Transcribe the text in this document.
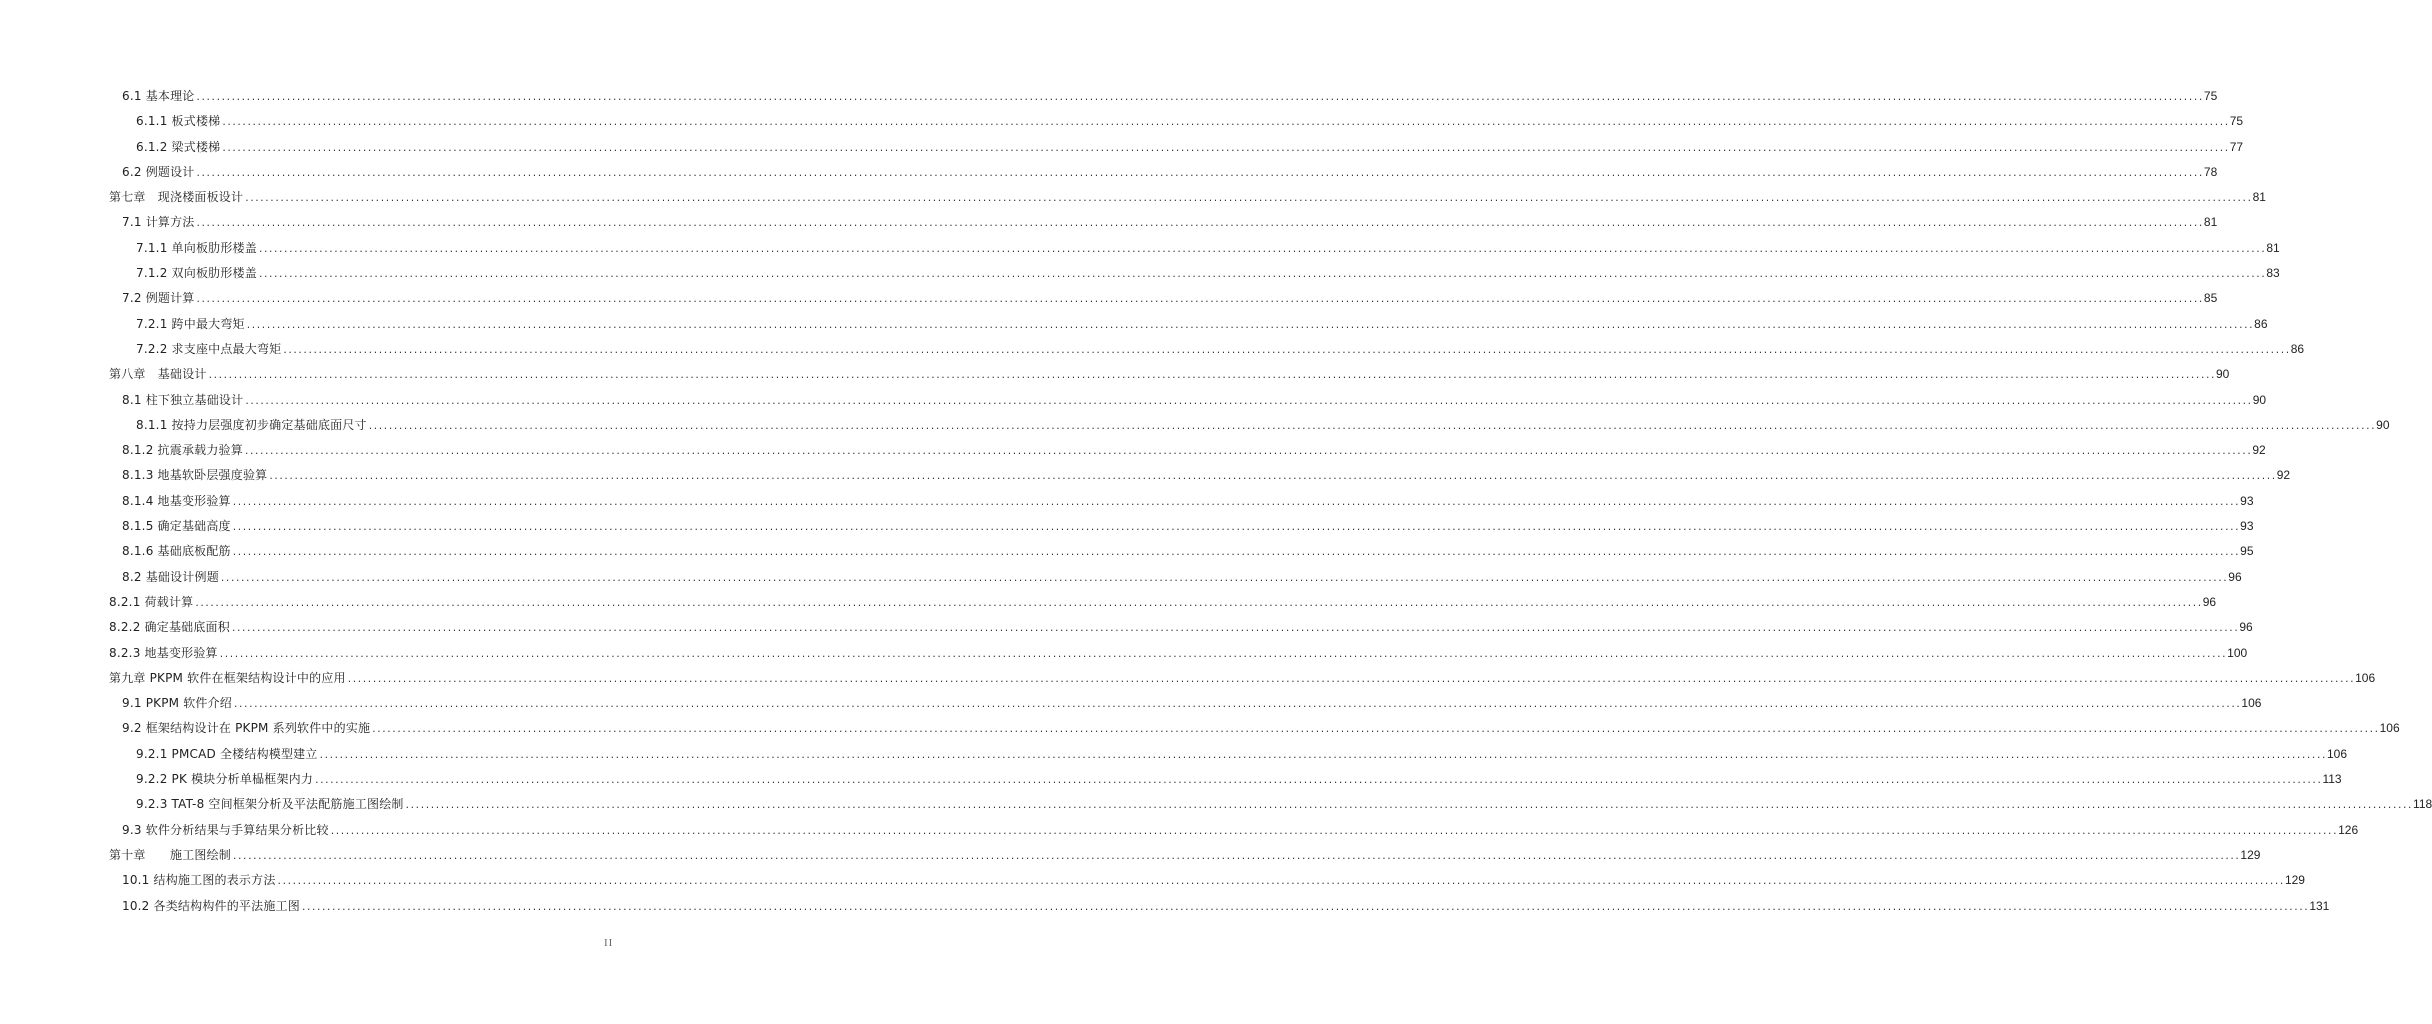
6.1 基本理论 ................................................................................................................................................................................................................................................................................................................................................................................................................ 75
6.1.1 板式楼梯 ................................................................................................................................................................................................................................................................................................................................................................................................................ 75
6.1.2 梁式楼梯 ................................................................................................................................................................................................................................................................................................................................................................................................................ 77
6.2 例题设计 ................................................................................................................................................................................................................................................................................................................................................................................................................ 78
第七章　现浇楼面板设计 ................................................................................................................................................................................................................................................................................................................................................................................................................ 81
7.1 计算方法 ................................................................................................................................................................................................................................................................................................................................................................................................................ 81
7.1.1 单向板肋形楼盖 ................................................................................................................................................................................................................................................................................................................................................................................................................ 81
7.1.2 双向板肋形楼盖 ................................................................................................................................................................................................................................................................................................................................................................................................................ 83
7.2 例题计算 ................................................................................................................................................................................................................................................................................................................................................................................................................ 85
7.2.1 跨中最大弯矩 ................................................................................................................................................................................................................................................................................................................................................................................................................ 86
7.2.2 求支座中点最大弯矩 ................................................................................................................................................................................................................................................................................................................................................................................................................ 86
第八章　基础设计 ................................................................................................................................................................................................................................................................................................................................................................................................................ 90
8.1 柱下独立基础设计 ................................................................................................................................................................................................................................................................................................................................................................................................................ 90
8.1.1 按持力层强度初步确定基础底面尺寸 ................................................................................................................................................................................................................................................................................................................................................................................................................ 90
8.1.2 抗震承载力验算 ................................................................................................................................................................................................................................................................................................................................................................................................................ 92
8.1.3 地基软卧层强度验算 ................................................................................................................................................................................................................................................................................................................................................................................................................ 92
8.1.4 地基变形验算 ................................................................................................................................................................................................................................................................................................................................................................................................................ 93
8.1.5 确定基础高度 ................................................................................................................................................................................................................................................................................................................................................................................................................ 93
8.1.6 基础底板配筋 ................................................................................................................................................................................................................................................................................................................................................................................................................ 95
8.2 基础设计例题 ................................................................................................................................................................................................................................................................................................................................................................................................................ 96
8.2.1 荷载计算 ................................................................................................................................................................................................................................................................................................................................................................................................................ 96
8.2.2 确定基础底面积 ................................................................................................................................................................................................................................................................................................................................................................................................................ 96
8.2.3 地基变形验算 ................................................................................................................................................................................................................................................................................................................................................................................................................ 100
第九章 PKPM 软件在框架结构设计中的应用 ................................................................................................................................................................................................................................................................................................................................................................................................................ 106
9.1 PKPM 软件介绍 ................................................................................................................................................................................................................................................................................................................................................................................................................ 106
9.2 框架结构设计在 PKPM 系列软件中的实施 ................................................................................................................................................................................................................................................................................................................................................................................................................ 106
9.2.1 PMCAD 全楼结构模型建立 ................................................................................................................................................................................................................................................................................................................................................................................................................ 106
9.2.2 PK 模块分析单榀框架内力 ................................................................................................................................................................................................................................................................................................................................................................................................................ 113
9.2.3 TAT-8 空间框架分析及平法配筋施工图绘制 ................................................................................................................................................................................................................................................................................................................................................................................................................ 118
9.3 软件分析结果与手算结果分析比较 ................................................................................................................................................................................................................................................................................................................................................................................................................ 126
第十章　　施工图绘制 ................................................................................................................................................................................................................................................................................................................................................................................................................ 129
10.1 结构施工图的表示方法 ................................................................................................................................................................................................................................................................................................................................................................................................................ 129
10.2 各类结构构件的平法施工图 ................................................................................................................................................................................................................................................................................................................................................................................................................ 131
II
